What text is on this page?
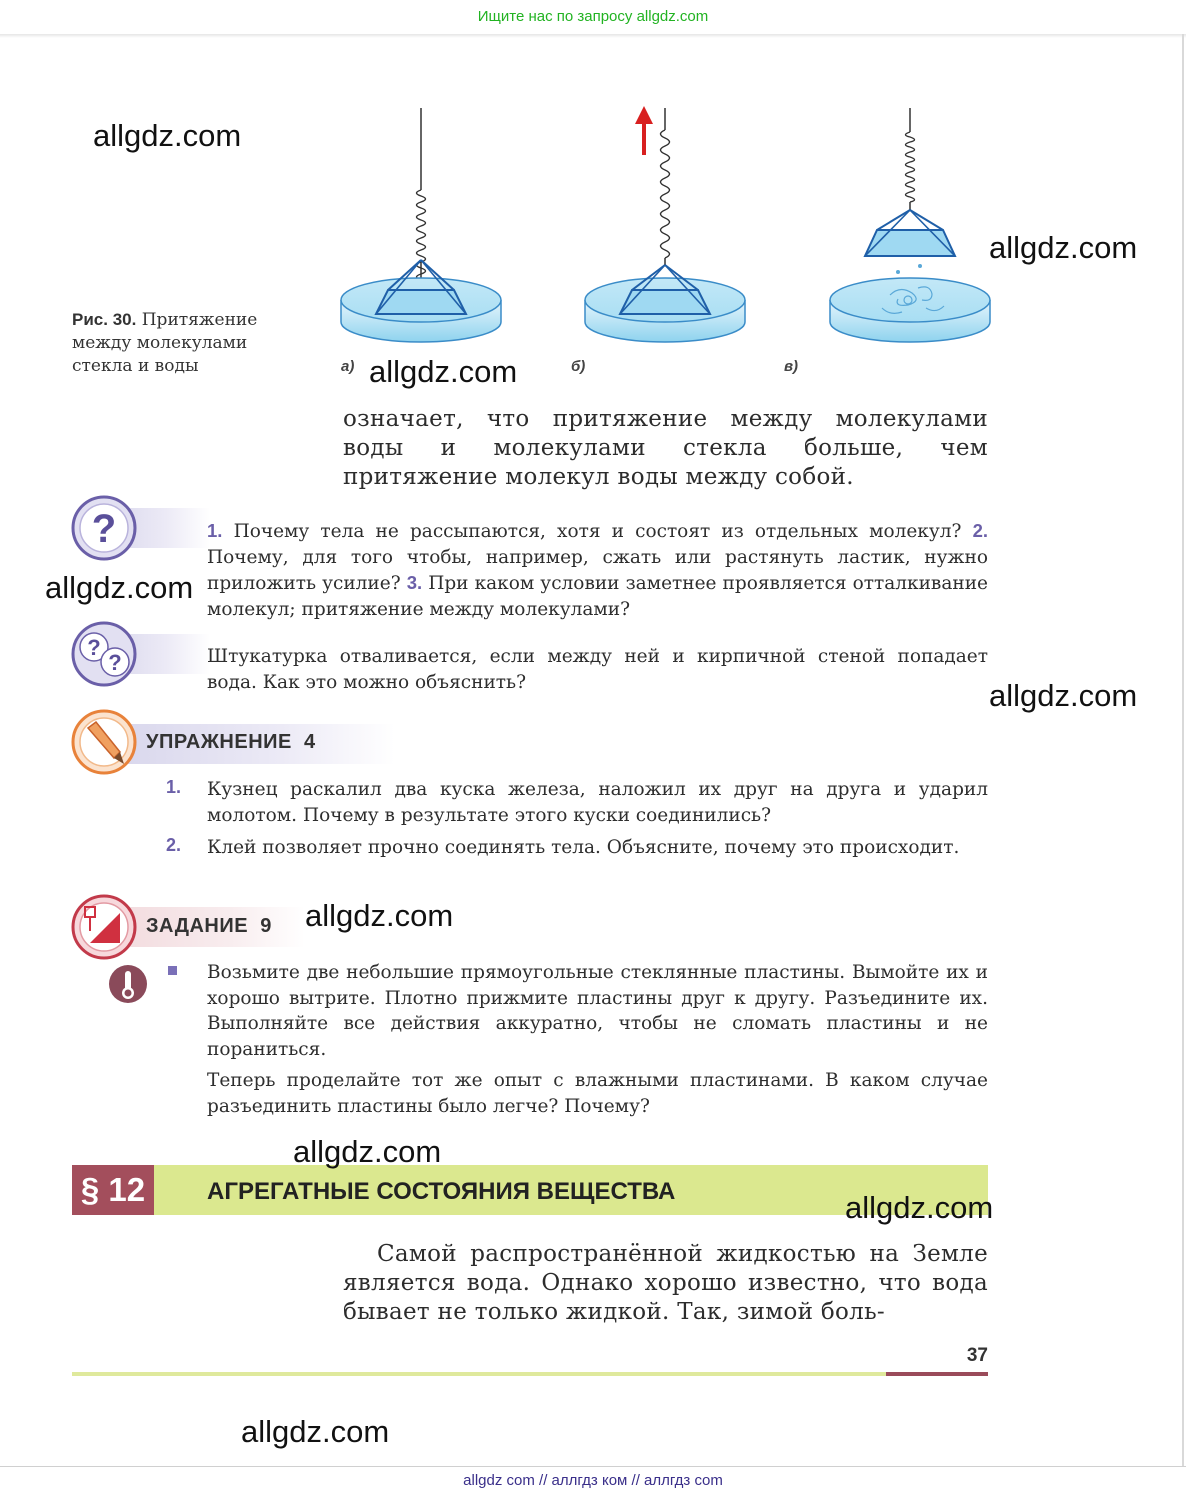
Ищите нас по запросу allgdz.com
Рис. 30. Притяжение между молекулами стекла и воды	а)	б)	в)
означает, что притяжение между молекулами воды и молекулами стекла больше, чем притяжение молекул воды между собой.
?	1. Почему тела не рассыпаются, хотя и состоят из отдельных молекул? 2. Почему, для того чтобы, например, сжать или растянуть ластик, нужно приложить усилие? 3. При каком условии заметнее проявляется отталкивание молекул; притяжение между молекулами?
?
?	Штукатурка отваливается, если между ней и кирпичной стеной попадает вода. Как это можно объяснить?
УПРАЖНЕНИЕ 4
1. Кузнец раскалил два куска железа, наложил их друг на друга и ударил молотом. Почему в результате этого куски соединились?
2. Клей позволяет прочно соединять тела. Объясните, почему это происходит.
ЗАДАНИЕ 9
Возьмите две небольшие прямоугольные стеклянные пластины. Вымойте их и хорошо вытрите. Плотно прижмите пластины друг к другу. Разъедините их. Выполняйте все действия аккуратно, чтобы не сломать пластины и не пораниться.
Теперь проделайте тот же опыт с влажными пластинами. В каком случае разъединить пластины было легче? Почему?
§ 12	АГРЕГАТНЫЕ СОСТОЯНИЯ ВЕЩЕСТВА
Самой распространённой жидкостью на Земле является вода. Однако хорошо известно, что вода бывает не только жидкой. Так, зимой боль-
37
allgdz.com
allgdz.com
allgdz.com
allgdz.com
allgdz.com
allgdz.com
allgdz.com
allgdz.com
allgdz.com
allgdz com // аллгдз ком // аллгдз com
